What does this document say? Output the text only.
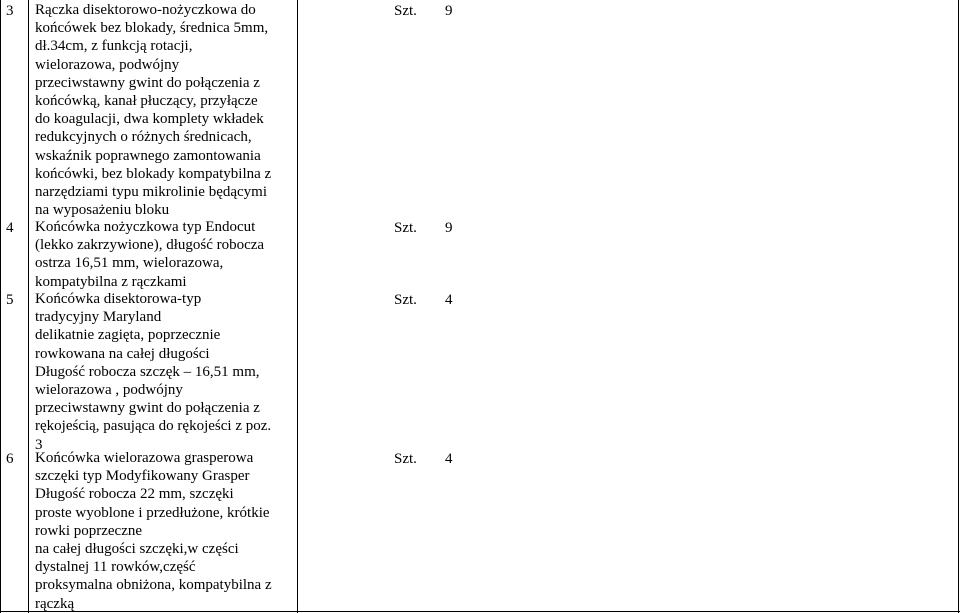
3 Rączka disektorowo-nożyczkowa do
końcówek bez blokady, średnica 5mm,
dł.34cm, z funkcją rotacji,
wielorazowa, podwójny
przeciwstawny gwint do połączenia z
końcówką, kanał płuczący, przyłącze
do koagulacji, dwa komplety wkładek
redukcyjnych o różnych średnicach,
wskaźnik poprawnego zamontowania
końcówki, bez blokady kompatybilna z
narzędziami typu mikrolinie będącymi
na wyposażeniu bloku
Szt. 9
4 Końcówka nożyczkowa typ Endocut
(lekko zakrzywione), długość robocza
ostrza 16,51 mm, wielorazowa,
kompatybilna z rączkami
Szt. 9
5 Końcówka disektorowa-typ
tradycyjny Maryland
delikatnie zagięta, poprzecznie
rowkowana na całej długości
Długość robocza szczęk – 16,51 mm,
wielorazowa , podwójny
przeciwstawny gwint do połączenia z
rękojeścią, pasująca do rękojeści z poz.
3
Szt. 4
6 Końcówka wielorazowa grasperowa
szczęki typ Modyfikowany Grasper
Długość robocza 22 mm, szczęki
proste wyoblone i przedłużone, krótkie
rowki poprzeczne
na całej długości szczęki,w części
dystalnej 11 rowków,część
proksymalna obniżona, kompatybilna z
rączką
Szt. 4
